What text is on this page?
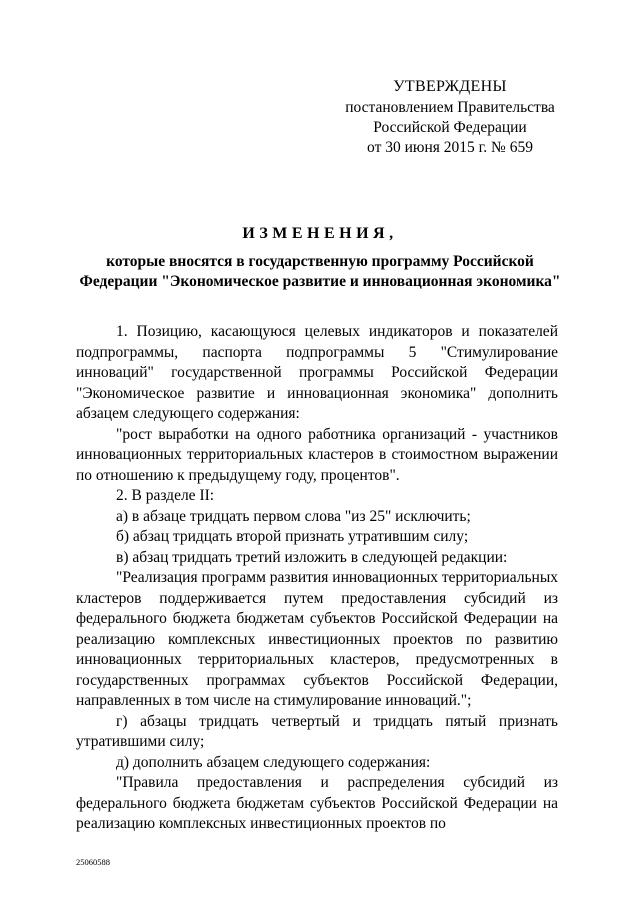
УТВЕРЖДЕНЫ
постановлением Правительства
Российской Федерации
от 30 июня 2015 г. № 659
ИЗМЕНЕНИЯ,
которые вносятся в государственную программу Российской
Федерации "Экономическое развитие и инновационная экономика"

1. Позицию, касающуюся целевых индикаторов и показателей подпрограммы, паспорта подпрограммы 5 "Стимулирование инноваций" государственной программы Российской Федерации "Экономическое развитие и инновационная экономика" дополнить абзацем следующего содержания:

"рост выработки на одного работника организаций - участников инновационных территориальных кластеров в стоимостном выражении по отношению к предыдущему году, процентов".

2. В разделе II:

а) в абзаце тридцать первом слова "из 25" исключить;

б) абзац тридцать второй признать утратившим силу;

в) абзац тридцать третий изложить в следующей редакции:

"Реализация программ развития инновационных территориальных кластеров поддерживается путем предоставления субсидий из федерального бюджета бюджетам субъектов Российской Федерации на реализацию комплексных инвестиционных проектов по развитию инновационных территориальных кластеров, предусмотренных в государственных программах субъектов Российской Федерации, направленных в том числе на стимулирование инноваций.";

г) абзацы тридцать четвертый и тридцать пятый признать утратившими силу;

д) дополнить абзацем следующего содержания:

"Правила предоставления и распределения субсидий из федерального бюджета бюджетам субъектов Российской Федерации на реализацию комплексных инвестиционных проектов по

25060588
